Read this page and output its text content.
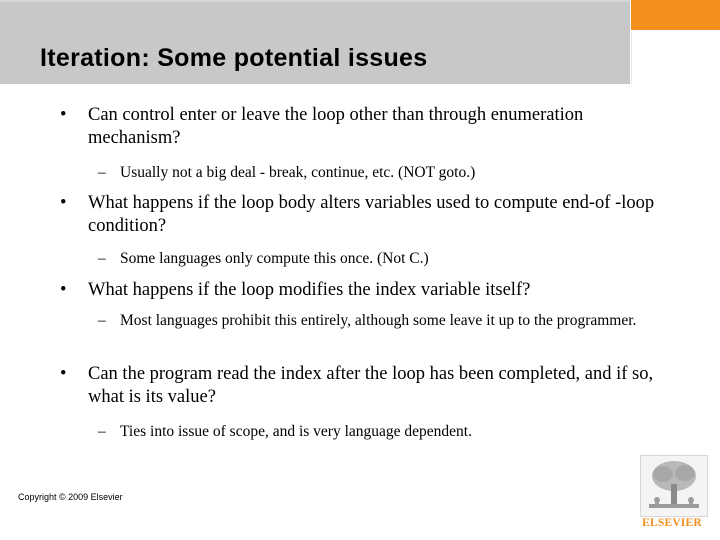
Iteration: Some potential issues
•	Can control enter or leave the loop other than through enumeration mechanism?
– Usually not a big deal - break, continue, etc. (NOT goto.)
•	What happens if the loop body alters variables used to compute end-of -loop condition?
– Some languages only compute this once. (Not C.)
•	What happens if the loop modifies the index variable itself?
– Most languages prohibit this entirely, although some leave it up to the programmer.
•	Can the program read the index after the loop has been completed, and if so, what is its value?
– Ties into issue of scope, and is very language dependent.
Copyright © 2009 Elsevier
ELSEVIER
